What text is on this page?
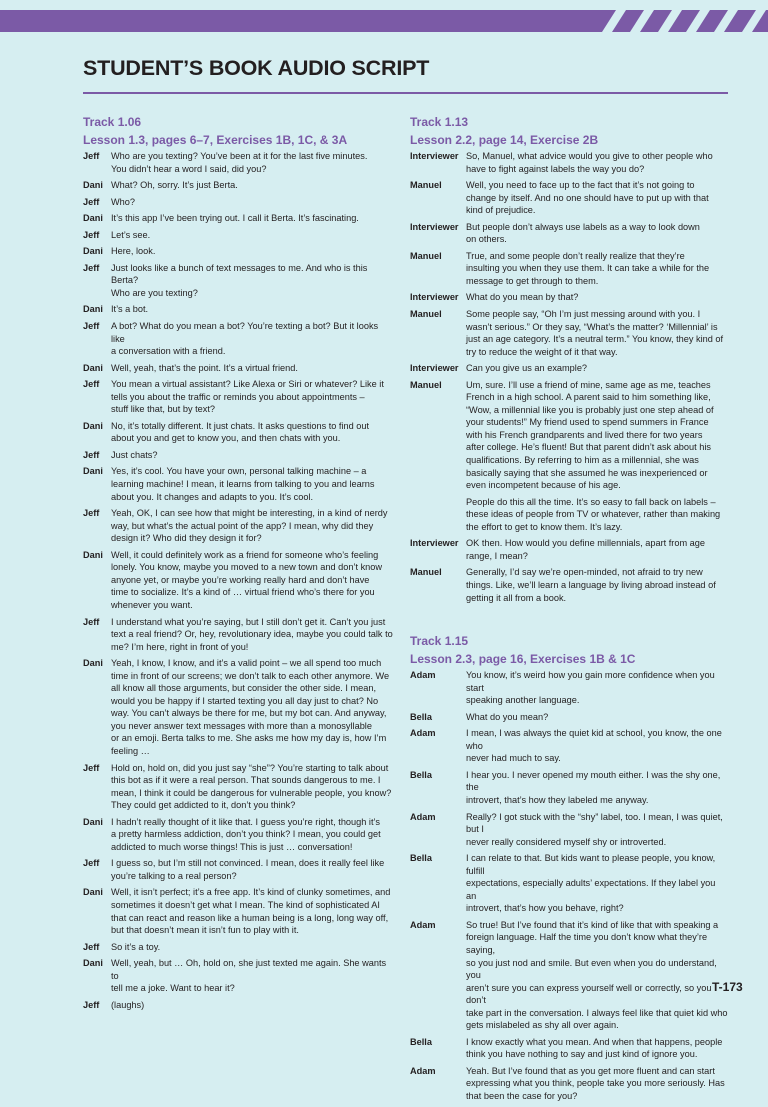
STUDENT’S BOOK AUDIO SCRIPT
Track 1.06
Lesson 1.3, pages 6–7, Exercises 1B, 1C, & 3A
Jeff	Who are you texting? You’ve been at it for the last five minutes.
You didn’t hear a word I said, did you?
Dani What? Oh, sorry. It’s just Berta.
Jeff	Who?
Dani It’s this app I’ve been trying out. I call it Berta. It’s fascinating.
Jeff	Let’s see.
Dani Here, look.
Jeff	Just looks like a bunch of text messages to me. And who is this Berta?
Who are you texting?
Dani It’s a bot.
Jeff	A bot? What do you mean a bot? You’re texting a bot? But it looks like
a conversation with a friend.
Dani Well, yeah, that’s the point. It’s a virtual friend.
Jeff	You mean a virtual assistant? Like Alexa or Siri or whatever? Like it
tells you about the traffic or reminds you about appointments –
stuff like that, but by text?
Dani No, it’s totally different. It just chats. It asks questions to find out
about you and get to know you, and then chats with you.
Jeff	Just chats?
Dani Yes, it’s cool. You have your own, personal talking machine – a
learning machine! I mean, it learns from talking to you and learns
about you. It changes and adapts to you. It’s cool.
Jeff	Yeah, OK, I can see how that might be interesting, in a kind of nerdy
way, but what’s the actual point of the app? I mean, why did they
design it? Who did they design it for?
Dani Well, it could definitely work as a friend for someone who’s feeling
lonely. You know, maybe you moved to a new town and don’t know
anyone yet, or maybe you’re working really hard and don’t have
time to socialize. It’s a kind of … virtual friend who’s there for you
whenever you want.
Jeff	I understand what you’re saying, but I still don’t get it. Can’t you just
text a real friend? Or, hey, revolutionary idea, maybe you could talk to
me? I’m here, right in front of you!
Dani Yeah, I know, I know, and it’s a valid point – we all spend too much
time in front of our screens; we don’t talk to each other anymore. We
all know all those arguments, but consider the other side. I mean,
would you be happy if I started texting you all day just to chat? No
way. You can’t always be there for me, but my bot can. And anyway,
you never answer text messages with more than a monosyllable
or an emoji. Berta talks to me. She asks me how my day is, how I’m
feeling …
Jeff	Hold on, hold on, did you just say “she”? You’re starting to talk about
this bot as if it were a real person. That sounds dangerous to me. I
mean, I think it could be dangerous for vulnerable people, you know?
They could get addicted to it, don’t you think?
Dani I hadn’t really thought of it like that. I guess you’re right, though it’s
a pretty harmless addiction, don’t you think? I mean, you could get
addicted to much worse things! This is just … conversation!
Jeff	I guess so, but I’m still not convinced. I mean, does it really feel like
you’re talking to a real person?
Dani Well, it isn’t perfect; it’s a free app. It’s kind of clunky sometimes, and
sometimes it doesn’t get what I mean. The kind of sophisticated AI
that can react and reason like a human being is a long, long way off,
but that doesn’t mean it isn’t fun to play with it.
Jeff	So it’s a toy.
Dani Well, yeah, but … Oh, hold on, she just texted me again. She wants to
tell me a joke. Want to hear it?
Jeff	(laughs)
Track 1.13
Lesson 2.2, page 14, Exercise 2B
Interviewer So, Manuel, what advice would you give to other people who
have to fight against labels the way you do?
Manuel	Well, you need to face up to the fact that it’s not going to
change by itself. And no one should have to put up with that
kind of prejudice.
Interviewer But people don’t always use labels as a way to look down
on others.
Manuel	True, and some people don’t really realize that they’re
insulting you when they use them. It can take a while for the
message to get through to them.
Interviewer What do you mean by that?
Manuel	Some people say, “Oh I’m just messing around with you. I
wasn’t serious.” Or they say, “What’s the matter? ‘Millennial’ is
just an age category. It’s a neutral term.” You know, they kind of
try to reduce the weight of it that way.
Interviewer Can you give us an example?
Manuel	Um, sure. I’ll use a friend of mine, same age as me, teaches
French in a high school. A parent said to him something like,
“Wow, a millennial like you is probably just one step ahead of
your students!” My friend used to spend summers in France
with his French grandparents and lived there for two years
after college. He’s fluent! But that parent didn’t ask about his
qualifications. By referring to him as a millennial, she was
basically saying that she assumed he was inexperienced or
even incompetent because of his age.
People do this all the time. It’s so easy to fall back on labels –
these ideas of people from TV or whatever, rather than making
the effort to get to know them. It’s lazy.
Interviewer OK then. How would you define millennials, apart from age
range, I mean?
Manuel	Generally, I’d say we’re open-minded, not afraid to try new
things. Like, we’ll learn a language by living abroad instead of
getting it all from a book.
Track 1.15
Lesson 2.3, page 16, Exercises 1B & 1C
Adam	You know, it’s weird how you gain more confidence when you start
speaking another language.
Bella	What do you mean?
Adam	I mean, I was always the quiet kid at school, you know, the one who
never had much to say.
Bella	I hear you. I never opened my mouth either. I was the shy one, the
introvert, that’s how they labeled me anyway.
Adam	Really? I got stuck with the “shy” label, too. I mean, I was quiet, but I
never really considered myself shy or introverted.
Bella	I can relate to that. But kids want to please people, you know, fulfill
expectations, especially adults’ expectations. If they label you an
introvert, that’s how you behave, right?
Adam	So true! But I’ve found that it’s kind of like that with speaking a
foreign language. Half the time you don’t know what they’re saying,
so you just nod and smile. But even when you do understand, you
aren’t sure you can express yourself well or correctly, so you don’t
take part in the conversation. I always feel like that quiet kid who
gets mislabeled as shy all over again.
Bella	I know exactly what you mean. And when that happens, people
think you have nothing to say and just kind of ignore you.
Adam	Yeah. But I’ve found that as you get more fluent and can start
expressing what you think, people take you more seriously. Has
that been the case for you?
T-173
